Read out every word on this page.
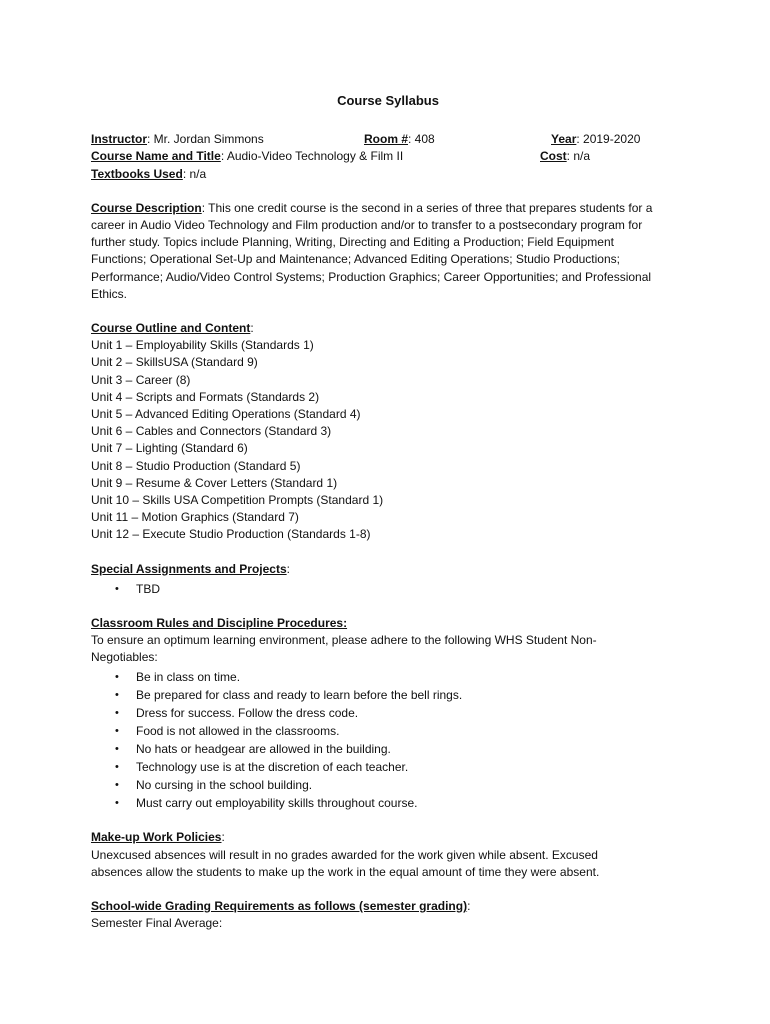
Course Syllabus
Instructor: Mr. Jordan Simmons	Room #: 408	Year: 2019-2020
Course Name and Title: Audio-Video Technology & Film II	Cost: n/a
Textbooks Used: n/a
Course Description: This one credit course is the second in a series of three that prepares students for a
career in Audio Video Technology and Film production and/or to transfer to a postsecondary program for
further study. Topics include Planning, Writing, Directing and Editing a Production; Field Equipment
Functions; Operational Set-Up and Maintenance; Advanced Editing Operations; Studio Productions;
Performance; Audio/Video Control Systems; Production Graphics; Career Opportunities; and Professional
Ethics.
Course Outline and Content:
Unit 1 – Employability Skills (Standards 1)
Unit 2 – SkillsUSA (Standard 9)
Unit 3 – Career (8)
Unit 4 – Scripts and Formats (Standards 2)
Unit 5 – Advanced Editing Operations (Standard 4)
Unit 6 – Cables and Connectors (Standard 3)
Unit 7 – Lighting (Standard 6)
Unit 8 – Studio Production (Standard 5)
Unit 9 – Resume & Cover Letters (Standard 1)
Unit 10 – Skills USA Competition Prompts (Standard 1)
Unit 11 – Motion Graphics (Standard 7)
Unit 12 – Execute Studio Production (Standards 1-8)
Special Assignments and Projects:
• TBD
Classroom Rules and Discipline Procedures:
To ensure an optimum learning environment, please adhere to the following WHS Student Non-
Negotiables:
• Be in class on time.
• Be prepared for class and ready to learn before the bell rings.
• Dress for success. Follow the dress code.
• Food is not allowed in the classrooms.
• No hats or headgear are allowed in the building.
• Technology use is at the discretion of each teacher.
• No cursing in the school building.
• Must carry out employability skills throughout course.
Make-up Work Policies:
Unexcused absences will result in no grades awarded for the work given while absent. Excused
absences allow the students to make up the work in the equal amount of time they were absent.
School-wide Grading Requirements as follows (semester grading):
Semester Final Average:
